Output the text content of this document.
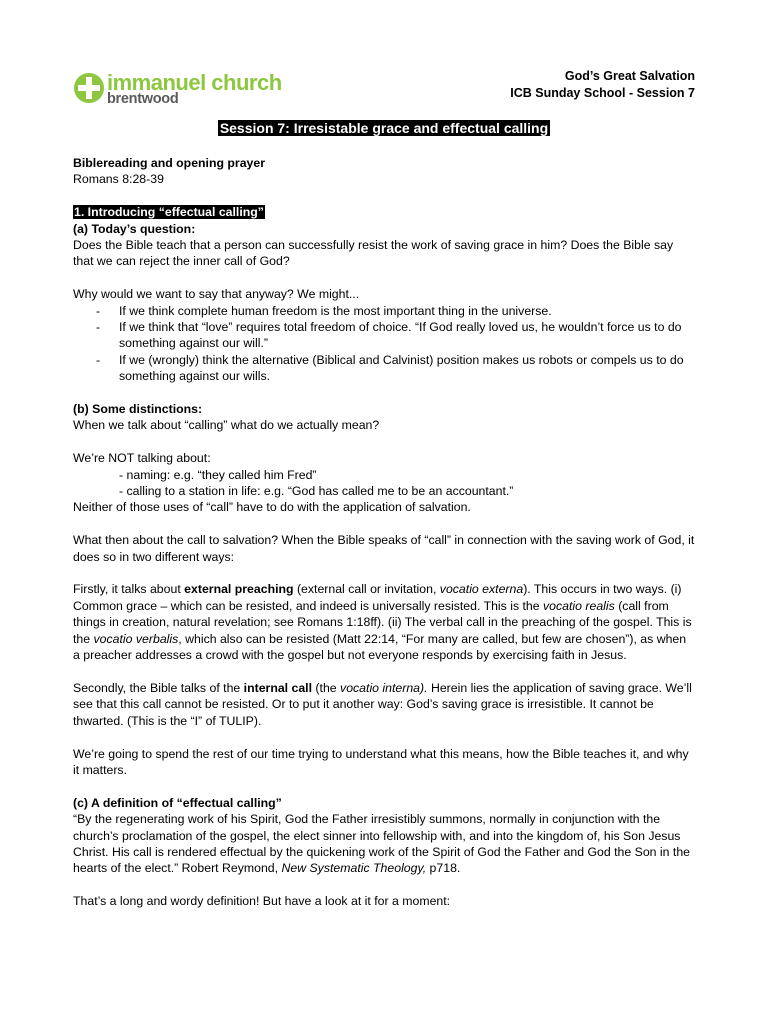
immanuel church
brentwood
God’s Great Salvation
ICB Sunday School - Session 7
Session 7: Irresistable grace and effectual calling

Biblereading and opening prayer

Romans 8:28-39

1. Introducing “effectual calling”

(a) Today’s question:

Does the Bible teach that a person can successfully resist the work of saving grace in him? Does the Bible say that we can reject the inner call of God?

Why would we want to say that anyway? We might...

- If we think complete human freedom is the most important thing in the universe.
- If we think that “love” requires total freedom of choice. “If God really loved us, he wouldn’t force us to do something against our will.”
- If we (wrongly) think the alternative (Biblical and Calvinist) position makes us robots or compels us to do something against our wills.

(b) Some distinctions:

When we talk about “calling” what do we actually mean?

We’re NOT talking about:

- naming: e.g. “they called him Fred”

- calling to a station in life: e.g. “God has called me to be an accountant.”

Neither of those uses of “call” have to do with the application of salvation.

What then about the call to salvation? When the Bible speaks of “call” in connection with the saving work of God, it does so in two different ways:

Firstly, it talks about external preaching (external call or invitation, vocatio externa). This occurs in two ways. (i) Common grace – which can be resisted, and indeed is universally resisted. This is the vocatio realis (call from things in creation, natural revelation; see Romans 1:18ff). (ii) The verbal call in the preaching of the gospel. This is the vocatio verbalis, which also can be resisted (Matt 22:14, “For many are called, but few are chosen”), as when a preacher addresses a crowd with the gospel but not everyone responds by exercising faith in Jesus.

Secondly, the Bible talks of the internal call (the vocatio interna). Herein lies the application of saving grace. We’ll see that this call cannot be resisted. Or to put it another way: God’s saving grace is irresistible. It cannot be thwarted. (This is the “I” of TULIP).

We’re going to spend the rest of our time trying to understand what this means, how the Bible teaches it, and why it matters.

(c) A definition of “effectual calling”

“By the regenerating work of his Spirit, God the Father irresistibly summons, normally in conjunction with the church’s proclamation of the gospel, the elect sinner into fellowship with, and into the kingdom of, his Son Jesus Christ. His call is rendered effectual by the quickening work of the Spirit of God the Father and God the Son in the hearts of the elect.” Robert Reymond, New Systematic Theology, p718.

That’s a long and wordy definition! But have a look at it for a moment:
